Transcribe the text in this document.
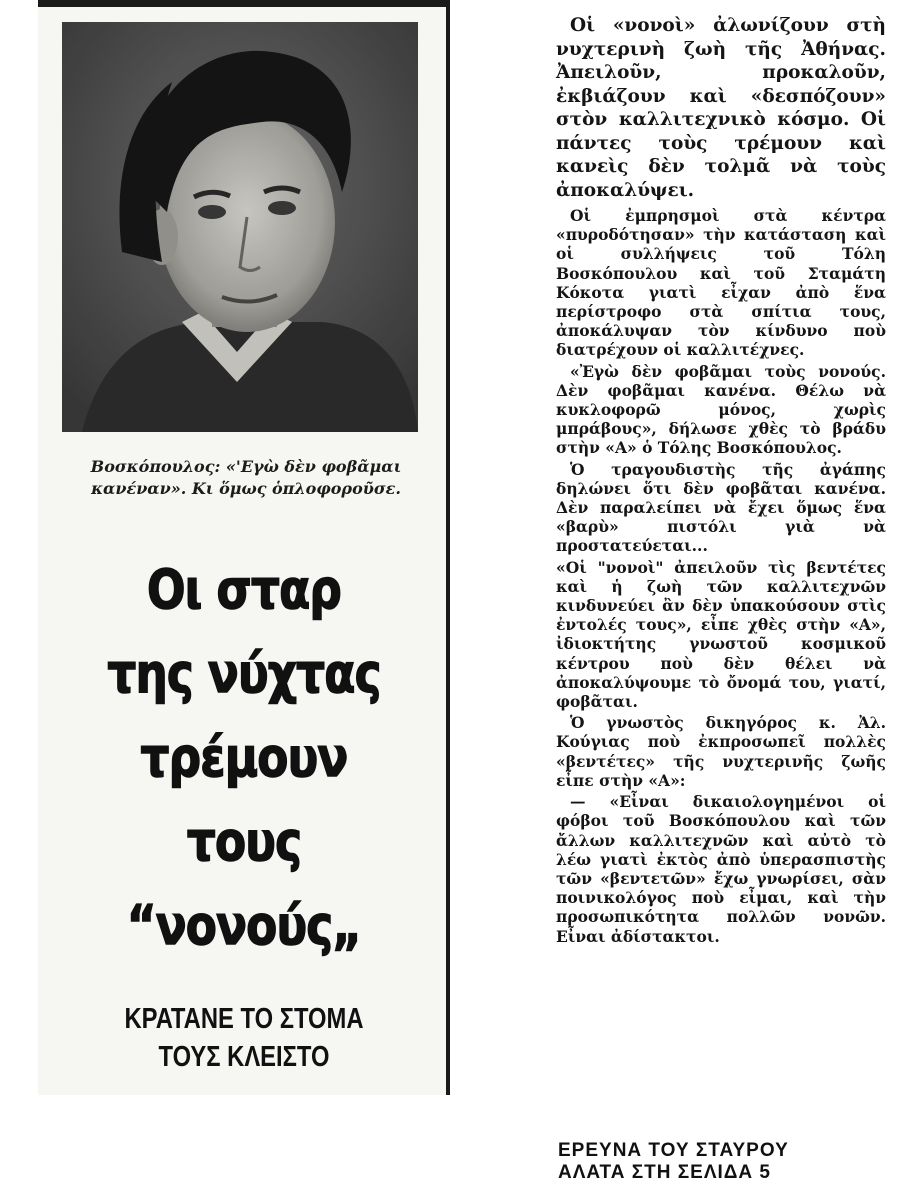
Βοσκόπουλος: «'Εγὼ δὲν φοβᾶμαι κανέναν». Κι ὅμως ὁπλοφοροῦσε.
Οι σταρ
της νύχτας
τρέμουν
τους
“νονούς„
ΚΡΑΤΑΝΕ ΤΟ ΣΤΟΜΑ
ΤΟΥΣ ΚΛΕΙΣΤΟ

Οἱ «νονοὶ» ἀλωνίζουν στὴ νυχτερινὴ ζωὴ τῆς Ἀθήνας. Ἀπειλοῦν, προκαλοῦν, ἐκβιάζουν καὶ «δεσπόζουν» στὸν καλλιτεχνικὸ κόσμο. Οἱ πάντες τοὺς τρέμουν καὶ κανεὶς δὲν τολμᾶ νὰ τοὺς ἀποκαλύψει.

Οἱ ἐμπρησμοὶ στὰ κέντρα «πυροδότησαν» τὴν κατάσταση καὶ οἱ συλλήψεις τοῦ Τόλη Βοσκόπουλου καὶ τοῦ Σταμάτη Κόκοτα γιατὶ εἶχαν ἀπὸ ἕνα περίστροφο στὰ σπίτια τους, ἀποκάλυψαν τὸν κίνδυνο ποὺ διατρέχουν οἱ καλλιτέχνες.

«Ἐγὼ δὲν φοβᾶμαι τοὺς νονούς. Δὲν φοβᾶμαι κανένα. Θέλω νὰ κυκλοφορῶ μόνος, χωρὶς μπράβους», δήλωσε χθὲς τὸ βράδυ στὴν «Α» ὁ Τόλης Βοσκόπουλος.

Ὁ τραγουδιστὴς τῆς ἀγάπης δηλώνει ὅτι δὲν φοβᾶται κανένα. Δὲν παραλείπει νὰ ἔχει ὅμως ἕνα «βαρὺ» πιστόλι γιὰ νὰ προστατεύεται...

«Οἱ "νονοὶ" ἀπειλοῦν τὶς βεντέτες καὶ ἡ ζωὴ τῶν καλλιτεχνῶν κινδυνεύει ἂν δὲν ὑπακούσουν στὶς ἐντολές τους», εἶπε χθὲς στὴν «Α», ἰδιοκτήτης γνωστοῦ κοσμικοῦ κέντρου ποὺ δὲν θέλει νὰ ἀποκαλύψουμε τὸ ὄνομά του, γιατί, φοβᾶται.

Ὁ γνωστὸς δικηγόρος κ. Ἀλ. Κούγιας ποὺ ἐκπροσωπεῖ πολλὲς «βεντέτες» τῆς νυχτερινῆς ζωῆς εἶπε στὴν «Α»:

— «Εἶναι δικαιολογημένοι οἱ φόβοι τοῦ Βοσκόπουλου καὶ τῶν ἄλλων καλλιτεχνῶν καὶ αὐτὸ τὸ λέω γιατὶ ἐκτὸς ἀπὸ ὑπερασπιστὴς τῶν «βεντετῶν» ἔχω γνωρίσει, σὰν ποινικολόγος ποὺ εἶμαι, καὶ τὴν προσωπικότητα πολλῶν νονῶν. Εἶναι ἀδίστακτοι.

ΕΡΕΥΝΑ ΤΟΥ ΣΤΑΥΡΟΥ
ΑΛΑΤΑ ΣΤΗ ΣΕΛΙΔΑ 5
